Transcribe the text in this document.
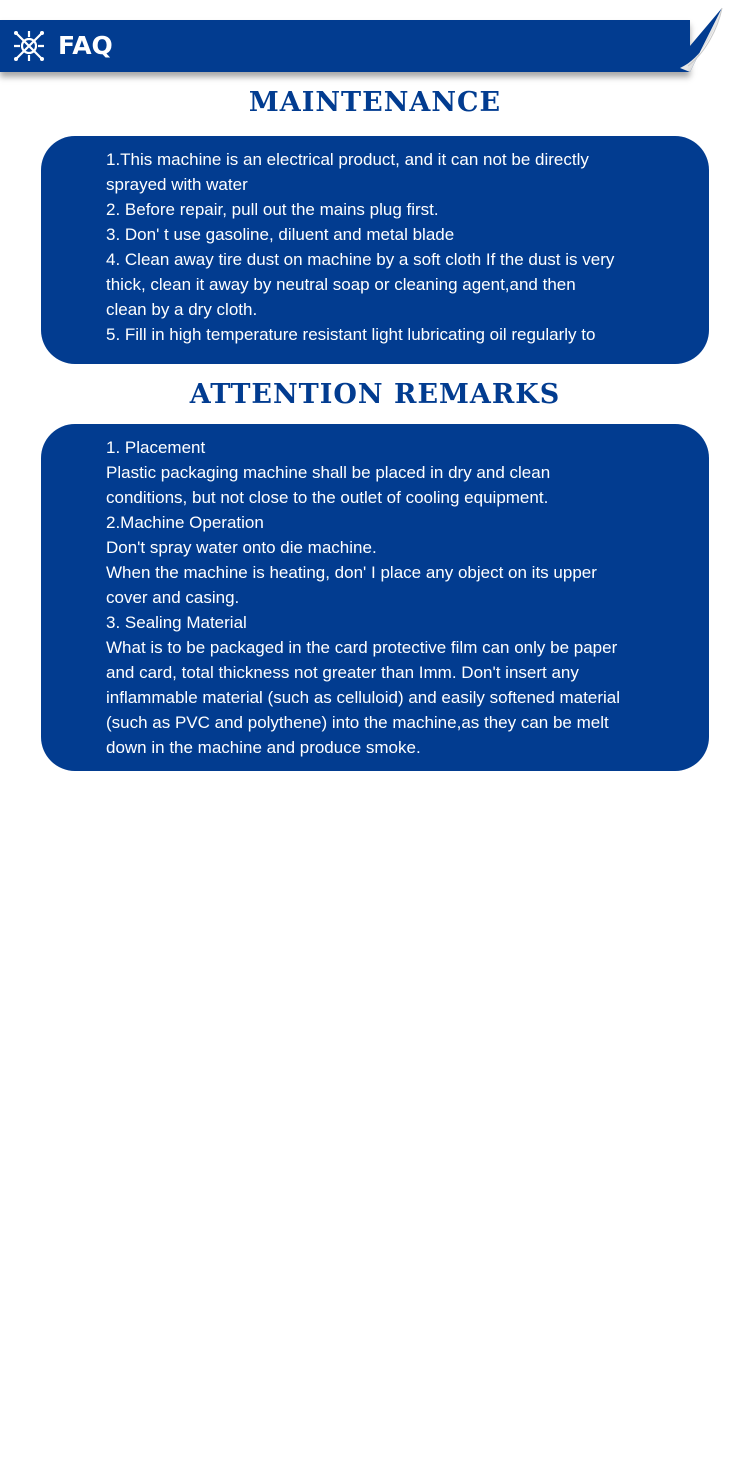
FAQ
MAINTENANCE
1.This machine is an electrical product, and it can not be directly
sprayed with water
2. Before repair, pull out the mains plug first.
3. Don' t use gasoline, diluent and metal blade
4. Clean away tire dust on machine by a soft cloth If the dust is very
thick, clean it away by neutral soap or cleaning agent,and then
clean by a dry cloth.
5. Fill in high temperature resistant light lubricating oil regularly to
ATTENTION REMARKS
1. Placement
Plastic packaging machine shall be placed in dry and clean
conditions, but not close to the outlet of cooling equipment.
2.Machine Operation
Don't spray water onto die machine.
When the machine is heating, don' I place any object on its upper
cover and casing.
3. Sealing Material
What is to be packaged in the card protective film can only be paper
and card, total thickness not greater than Imm. Don't insert any
inflammable material (such as celluloid) and easily softened material
(such as PVC and polythene) into the machine,as they can be melt
down in the machine and produce smoke.
